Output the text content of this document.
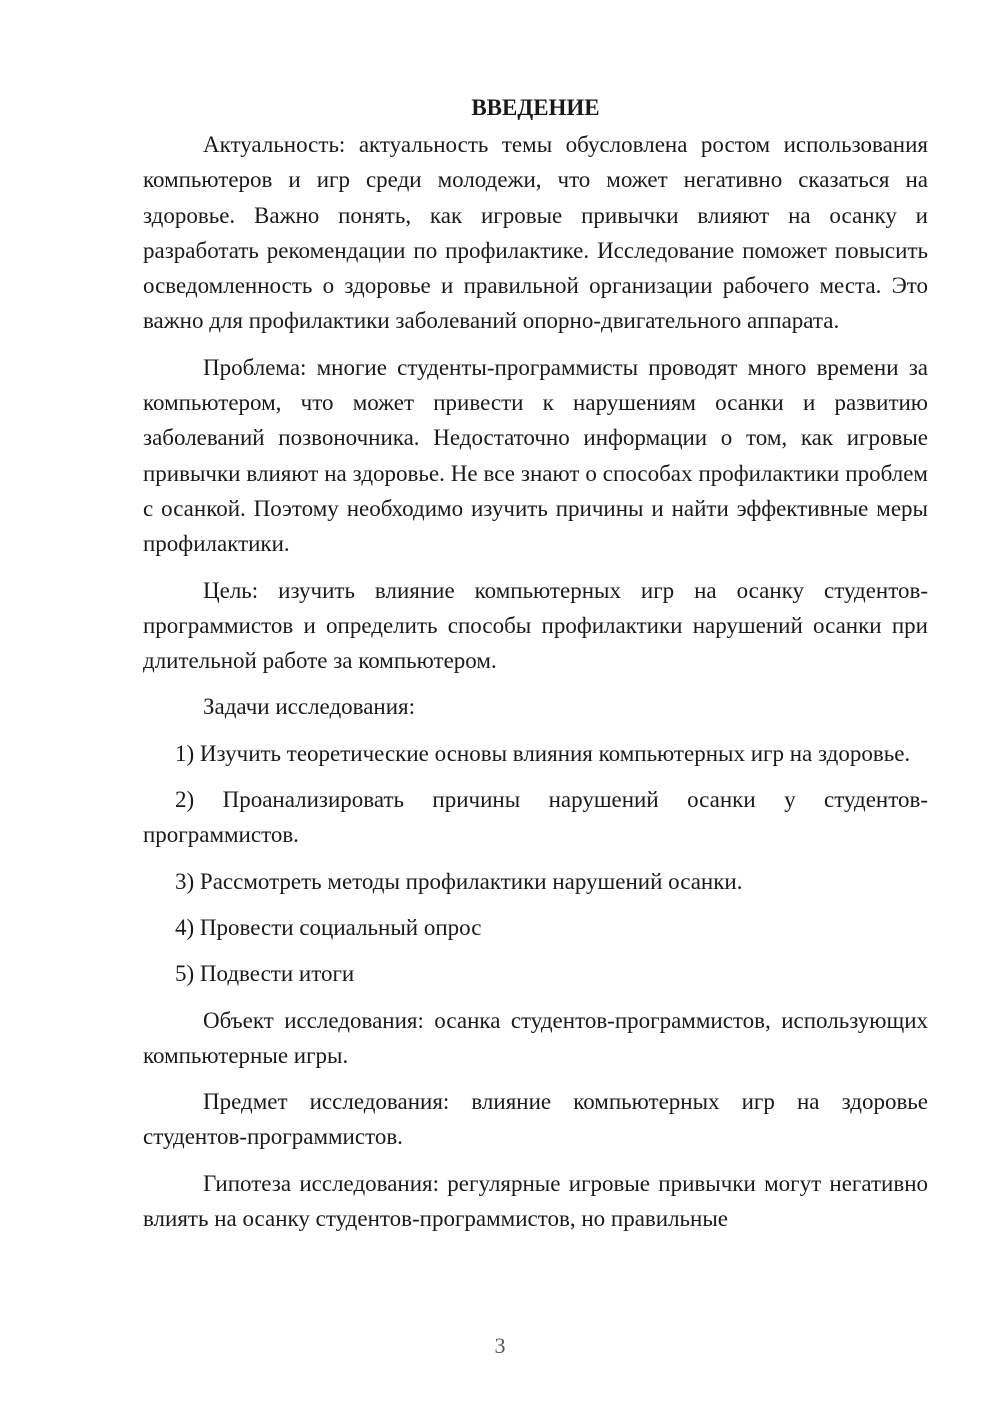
ВВЕДЕНИЕ

Актуальность: актуальность темы обусловлена ростом использования компьютеров и игр среди молодежи, что может негативно сказаться на здоровье. Важно понять, как игровые привычки влияют на осанку и разработать рекомендации по профилактике. Исследование поможет повысить осведомленность о здоровье и правильной организации рабочего места. Это важно для профилактики заболеваний опорно-двигательного аппарата.

Проблема: многие студенты-программисты проводят много времени за компьютером, что может привести к нарушениям осанки и развитию заболеваний позвоночника. Недостаточно информации о том, как игровые привычки влияют на здоровье. Не все знают о способах профилактики проблем с осанкой. Поэтому необходимо изучить причины и найти эффективные меры профилактики.

Цель: изучить влияние компьютерных игр на осанку студентов-программистов и определить способы профилактики нарушений осанки при длительной работе за компьютером.

Задачи исследования:

1) Изучить теоретические основы влияния компьютерных игр на здоровье.

2) Проанализировать причины нарушений осанки у студентов-программистов.

3) Рассмотреть методы профилактики нарушений осанки.

4) Провести социальный опрос

5) Подвести итоги

Объект исследования: осанка студентов-программистов, использующих компьютерные игры.

Предмет исследования: влияние компьютерных игр на здоровье студентов-программистов.

Гипотеза исследования: регулярные игровые привычки могут негативно влиять на осанку студентов-программистов, но правильные

3
